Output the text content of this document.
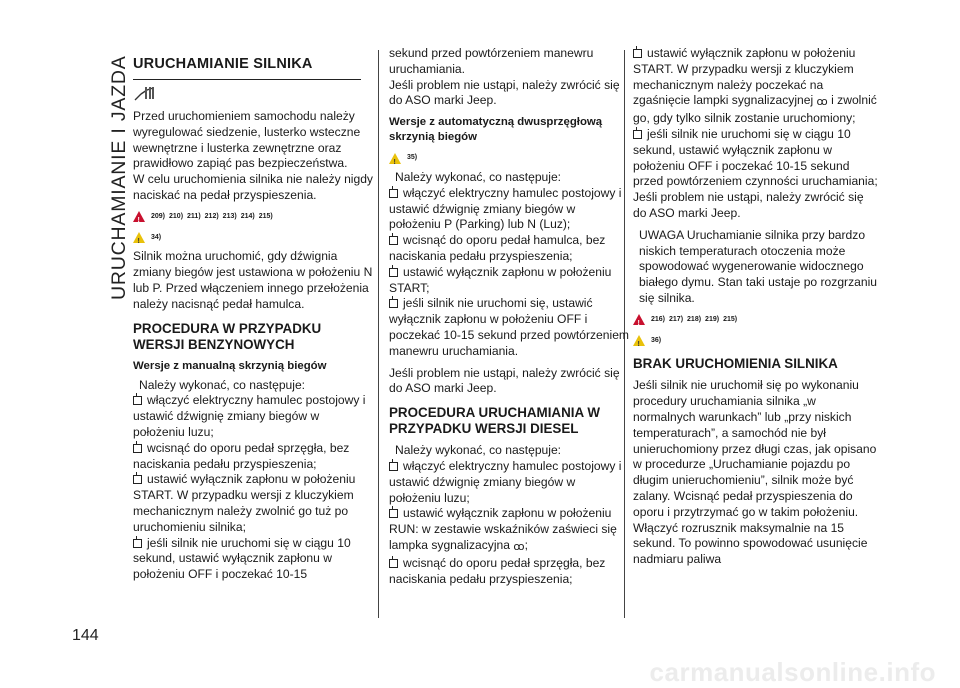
URUCHAMIANIE I JAZDA
144
URUCHAMIANIE SILNIKA

Przed uruchomieniem samochodu należy wyregulować siedzenie, lusterko wsteczne wewnętrzne i lusterka zewnętrzne oraz prawidłowo zapiąć pas bezpieczeństwa.

W celu uruchomienia silnika nie należy nigdy naciskać na pedał przyspieszenia.

!
209) 210) 211) 212) 213) 214) 215)
!
34)

Silnik można uruchomić, gdy dźwignia zmiany biegów jest ustawiona w położeniu N lub P. Przed włączeniem innego przełożenia należy nacisnąć pedał hamulca.

PROCEDURA W PRZYPADKU WERSJI BENZYNOWYCH
Wersje z manualną skrzynią biegów

Należy wykonać, co następuje:

włączyć elektryczny hamulec postojowy i ustawić dźwignię zmiany biegów w położeniu luzu;

wcisnąć do oporu pedał sprzęgła, bez naciskania pedału przyspieszenia;

ustawić wyłącznik zapłonu w położeniu START. W przypadku wersji z kluczykiem mechanicznym należy zwolnić go tuż po uruchomieniu silnika;

jeśli silnik nie uruchomi się w ciągu 10 sekund, ustawić wyłącznik zapłonu w położeniu OFF i poczekać 10-15

sekund przed powtórzeniem manewru uruchamiania.

Jeśli problem nie ustąpi, należy zwrócić się do ASO marki Jeep.

Wersje z automatyczną dwusprzęgłową skrzynią biegów
!
35)

Należy wykonać, co następuje:

włączyć elektryczny hamulec postojowy i ustawić dźwignię zmiany biegów w położeniu P (Parking) lub N (Luz);

wcisnąć do oporu pedał hamulca, bez naciskania pedału przyspieszenia;

ustawić wyłącznik zapłonu w położeniu START;

jeśli silnik nie uruchomi się, ustawić wyłącznik zapłonu w położeniu OFF i poczekać 10-15 sekund przed powtórzeniem manewru uruchamiania.

Jeśli problem nie ustąpi, należy zwrócić się do ASO marki Jeep.

PROCEDURA URUCHAMIANIA W PRZYPADKU WERSJI DIESEL

Należy wykonać, co następuje:

włączyć elektryczny hamulec postojowy i ustawić dźwignię zmiany biegów w położeniu luzu;

ustawić wyłącznik zapłonu w położeniu RUN: w zestawie wskaźników zaświeci się lampka sygnalizacyjna ꝏ;

wcisnąć do oporu pedał sprzęgła, bez naciskania pedału przyspieszenia;

ustawić wyłącznik zapłonu w położeniu START. W przypadku wersji z kluczykiem mechanicznym należy poczekać na zgaśnięcie lampki sygnalizacyjnej ꝏ i zwolnić go, gdy tylko silnik zostanie uruchomiony;

jeśli silnik nie uruchomi się w ciągu 10 sekund, ustawić wyłącznik zapłonu w położeniu OFF i poczekać 10-15 sekund przed powtórzeniem czynności uruchamiania;

Jeśli problem nie ustąpi, należy zwrócić się do ASO marki Jeep.

UWAGA Uruchamianie silnika przy bardzo niskich temperaturach otoczenia może spowodować wygenerowanie widocznego białego dymu. Stan taki ustaje po rozgrzaniu się silnika.

!
216) 217) 218) 219) 215)
!
36)
BRAK URUCHOMIENIA SILNIKA

Jeśli silnik nie uruchomił się po wykonaniu procedury uruchamiania silnika „w normalnych warunkach” lub „przy niskich temperaturach”, a samochód nie był unieruchomiony przez długi czas, jak opisano w procedurze „Uruchamianie pojazdu po długim unieruchomieniu”, silnik może być zalany. Wcisnąć pedał przyspieszenia do oporu i przytrzymać go w takim położeniu. Włączyć rozrusznik maksymalnie na 15 sekund. To powinno spowodować usunięcie nadmiaru paliwa

carmanualsonline.info
